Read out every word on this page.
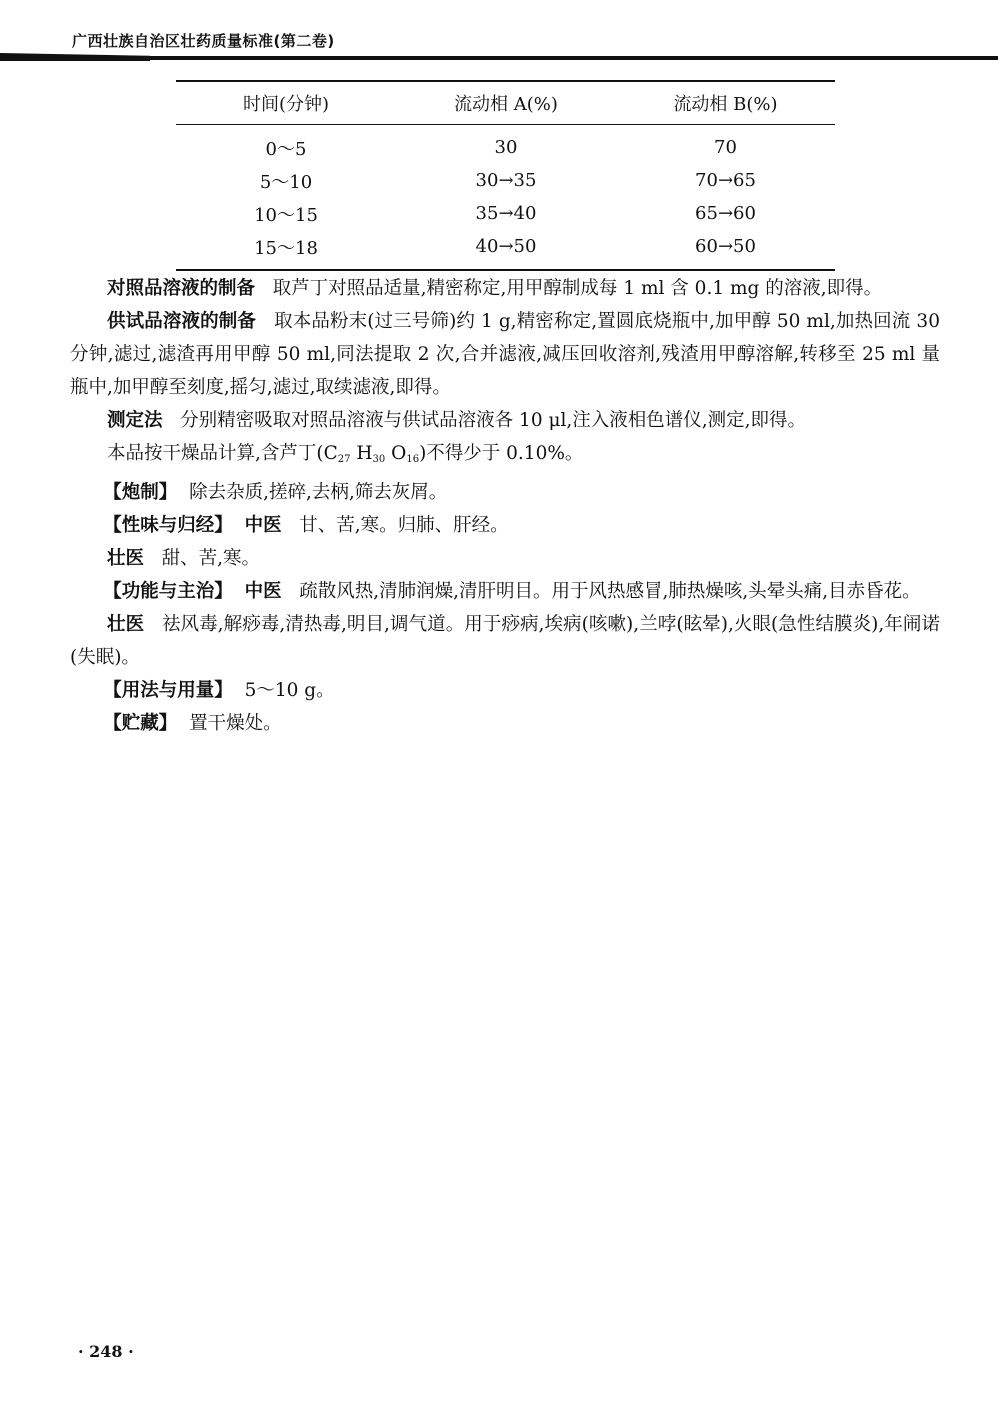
广西壮族自治区壮药质量标准(第二卷)
时间(分钟)	流动相 A(%)	流动相 B(%)
0～5	30	70
5～10	30→35	70→65
10～15	35→40	65→60
15～18	40→50	60→50

对照品溶液的制备 取芦丁对照品适量,精密称定,用甲醇制成每 1 ml 含 0.1 mg 的溶液,即得。

供试品溶液的制备 取本品粉末(过三号筛)约 1 g,精密称定,置圆底烧瓶中,加甲醇 50 ml,加热回流 30 分钟,滤过,滤渣再用甲醇 50 ml,同法提取 2 次,合并滤液,减压回收溶剂,残渣用甲醇溶解,转移至 25 ml 量瓶中,加甲醇至刻度,摇匀,滤过,取续滤液,即得。

测定法 分别精密吸取对照品溶液与供试品溶液各 10 μl,注入液相色谱仪,测定,即得。

本品按干燥品计算,含芦丁($C_{27}$ $H_{30}$ $O_{16}$)不得少于 0.10%。

【炮制】 除去杂质,搓碎,去柄,筛去灰屑。

【性味与归经】 中医 甘、苦,寒。归肺、肝经。

壮医 甜、苦,寒。

【功能与主治】 中医 疏散风热,清肺润燥,清肝明目。用于风热感冒,肺热燥咳,头晕头痛,目赤昏花。

壮医 祛风毒,解痧毒,清热毒,明目,调气道。用于痧病,埃病(咳嗽),兰哱(眩晕),火眼(急性结膜炎),年闹诺(失眠)。

【用法与用量】 5～10 g。

【贮藏】 置干燥处。

· 248 ·
